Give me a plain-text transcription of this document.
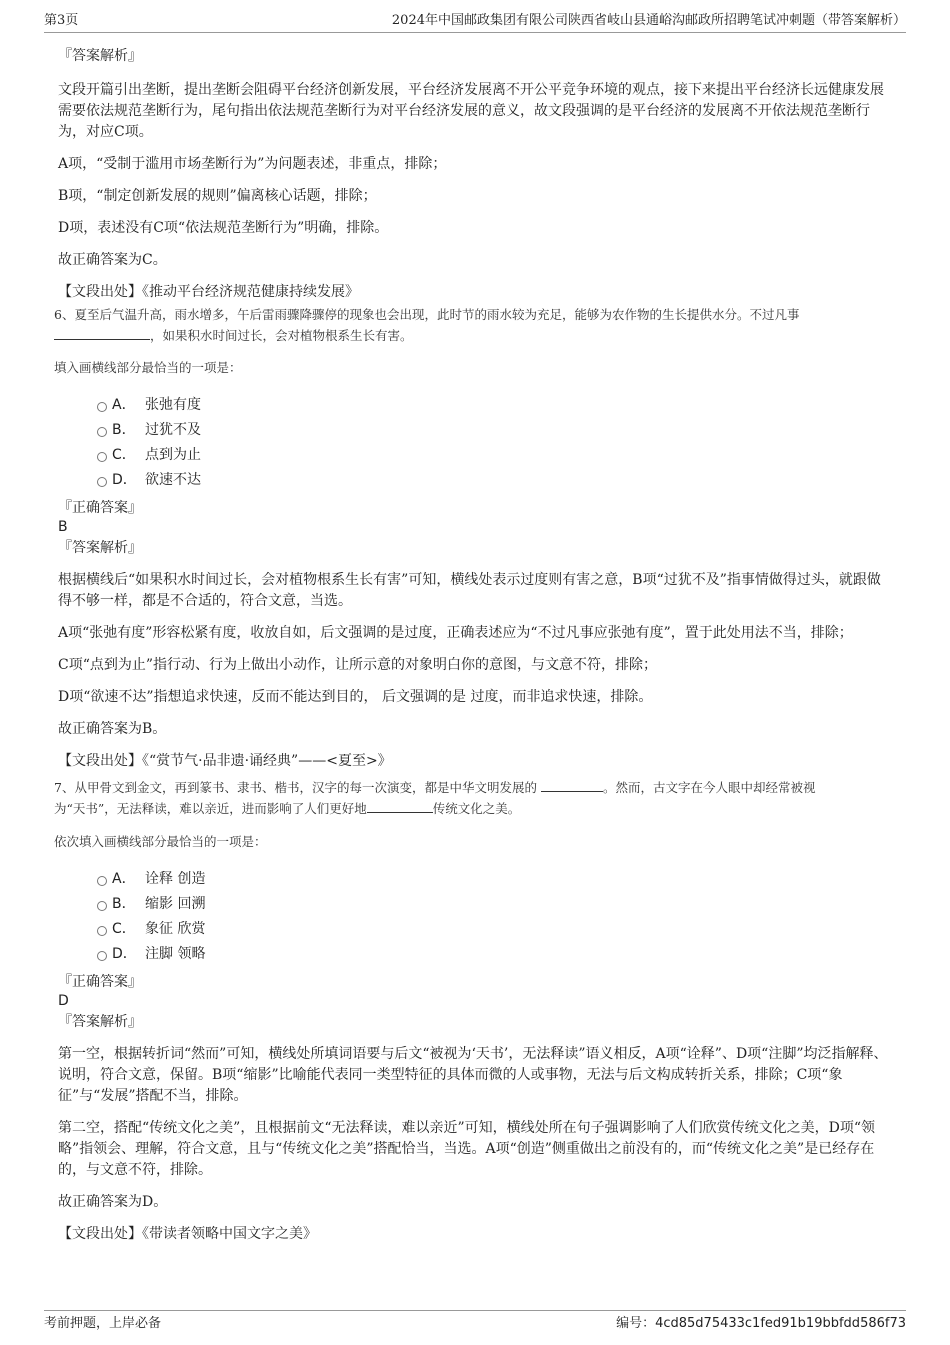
第3页	2024年中国邮政集团有限公司陕西省岐山县通峪沟邮政所招聘笔试冲刺题（带答案解析）
『答案解析』
文段开篇引出垄断，提出垄断会阻碍平台经济创新发展，平台经济发展离不开公平竞争环境的观点，接下来提出平台经济长远健康发展需要依法规范垄断行为，尾句指出依法规范垄断行为对平台经济发展的意义，故文段强调的是平台经济的发展离不开依法规范垄断行为，对应C项。
A项，“受制于滥用市场垄断行为”为问题表述，非重点，排除；
B项，“制定创新发展的规则”偏离核心话题，排除；
D项，表述没有C项“依法规范垄断行为”明确，排除。
故正确答案为C。
【文段出处】《推动平台经济规范健康持续发展》
6、夏至后气温升高，雨水增多，午后雷雨骤降骤停的现象也会出现，此时节的雨水较为充足，能够为农作物的生长提供水分。不过凡事
，如果积水时间过长，会对植物根系生长有害。
填入画横线部分最恰当的一项是：
A． 张弛有度
B． 过犹不及
C． 点到为止
D． 欲速不达
『正确答案』
B
『答案解析』
根据横线后“如果积水时间过长，会对植物根系生长有害”可知，横线处表示过度则有害之意，B项“过犹不及”指事情做得过头，就跟做得不够一样，都是不合适的，符合文意，当选。
A项“张弛有度”形容松紧有度，收放自如，后文强调的是过度，正确表述应为“不过凡事应张弛有度”，置于此处用法不当，排除；
C项“点到为止”指行动、行为上做出小动作，让所示意的对象明白你的意图，与文意不符，排除；
D项“欲速不达”指想追求快速，反而不能达到目的， 后文强调的是 过度，而非追求快速，排除。
故正确答案为B。
【文段出处】《“赏节气·品非遗·诵经典”——<夏至>》
7、从甲骨文到金文，再到篆书、隶书、楷书，汉字的每一次演变，都是中华文明发展的	。然而，古文字在今人眼中却经常被视
为“天书”，无法释读，难以亲近，进而影响了人们更好地	传统文化之美。
依次填入画横线部分最恰当的一项是：
A． 诠释 创造
B． 缩影 回溯
C． 象征 欣赏
D． 注脚 领略
『正确答案』
D
『答案解析』
第一空，根据转折词“然而”可知，横线处所填词语要与后文“被视为‘天书’，无法释读”语义相反，A项“诠释”、D项“注脚”均泛指解释、说明，符合文意，保留。B项“缩影”比喻能代表同一类型特征的具体而微的人或事物，无法与后文构成转折关系，排除；C项“象征”与“发展”搭配不当，排除。
第二空，搭配“传统文化之美”，且根据前文“无法释读，难以亲近”可知，横线处所在句子强调影响了人们欣赏传统文化之美，D项“领略”指领会、理解，符合文意，且与“传统文化之美”搭配恰当，当选。A项“创造”侧重做出之前没有的，而“传统文化之美”是已经存在的，与文意不符，排除。
故正确答案为D。
【文段出处】《带读者领略中国文字之美》
考前押题，上岸必备	编号：4cd85d75433c1fed91b19bbfdd586f73
